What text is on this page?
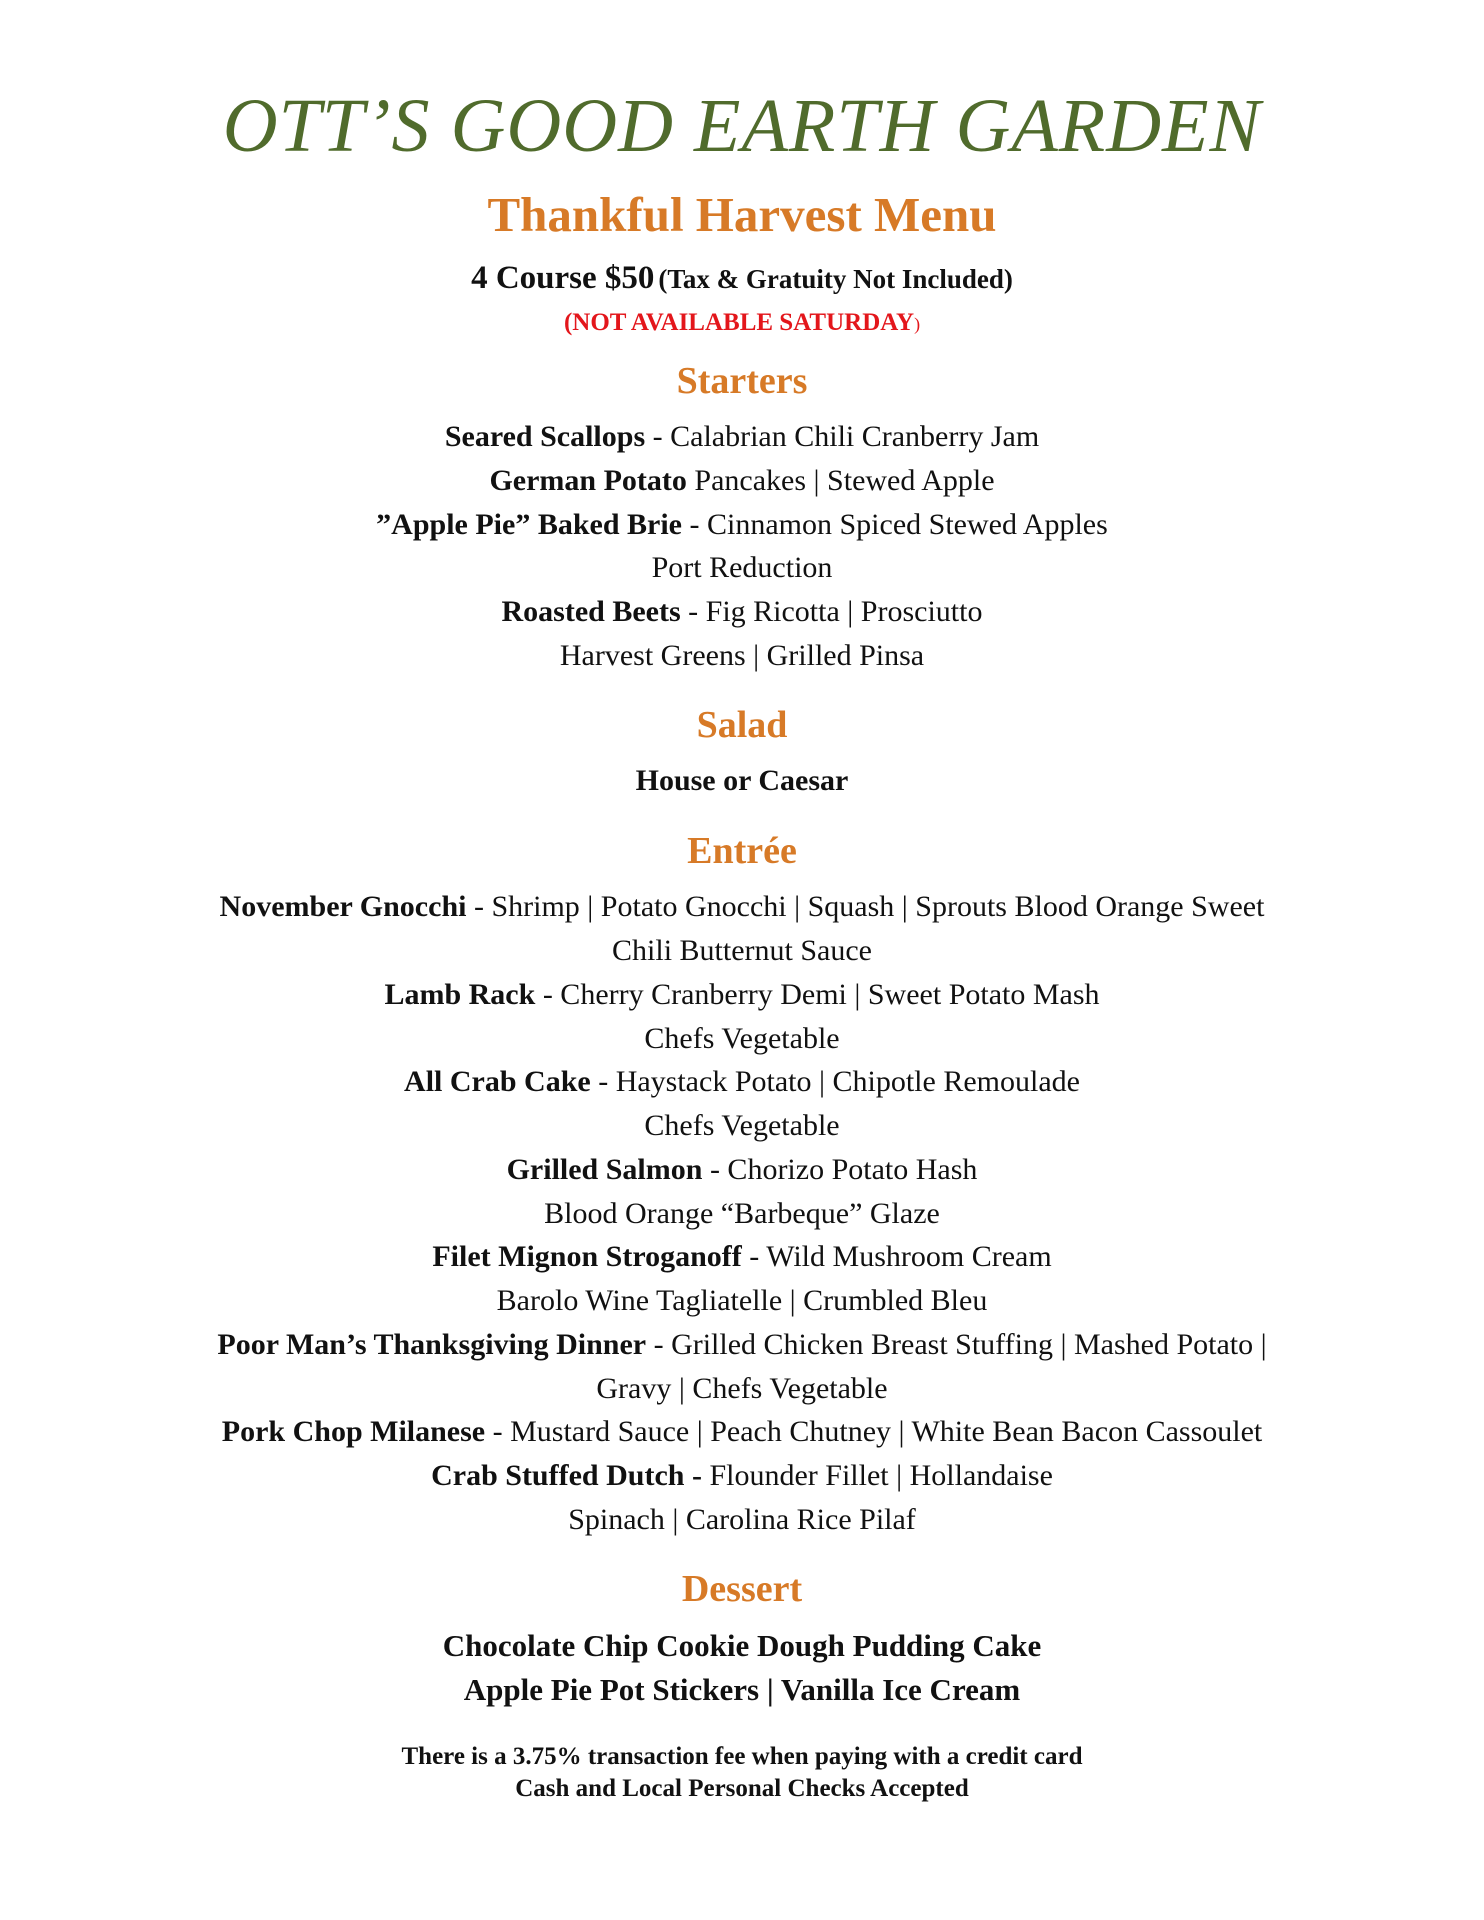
OTT’S GOOD EARTH GARDEN
Thankful Harvest Menu
4 Course $50 (Tax & Gratuity Not Included)
(NOT AVAILABLE SATURDAY)
Starters
Seared Scallops - Calabrian Chili Cranberry Jam
German Potato Pancakes | Stewed Apple
”Apple Pie” Baked Brie - Cinnamon Spiced Stewed Apples
Port Reduction
Roasted Beets - Fig Ricotta | Prosciutto
Harvest Greens | Grilled Pinsa
Salad
House or Caesar
Entrée
November Gnocchi - Shrimp | Potato Gnocchi | Squash | Sprouts Blood Orange Sweet
Chili Butternut Sauce
Lamb Rack - Cherry Cranberry Demi | Sweet Potato Mash
Chefs Vegetable
All Crab Cake - Haystack Potato | Chipotle Remoulade
Chefs Vegetable
Grilled Salmon - Chorizo Potato Hash
Blood Orange “Barbeque” Glaze
Filet Mignon Stroganoff - Wild Mushroom Cream
Barolo Wine Tagliatelle | Crumbled Bleu
Poor Man’s Thanksgiving Dinner - Grilled Chicken Breast Stuffing | Mashed Potato |
Gravy | Chefs Vegetable
Pork Chop Milanese - Mustard Sauce | Peach Chutney | White Bean Bacon Cassoulet
Crab Stuffed Dutch - Flounder Fillet | Hollandaise
Spinach | Carolina Rice Pilaf
Dessert
Chocolate Chip Cookie Dough Pudding Cake
Apple Pie Pot Stickers | Vanilla Ice Cream
There is a 3.75% transaction fee when paying with a credit card
Cash and Local Personal Checks Accepted
